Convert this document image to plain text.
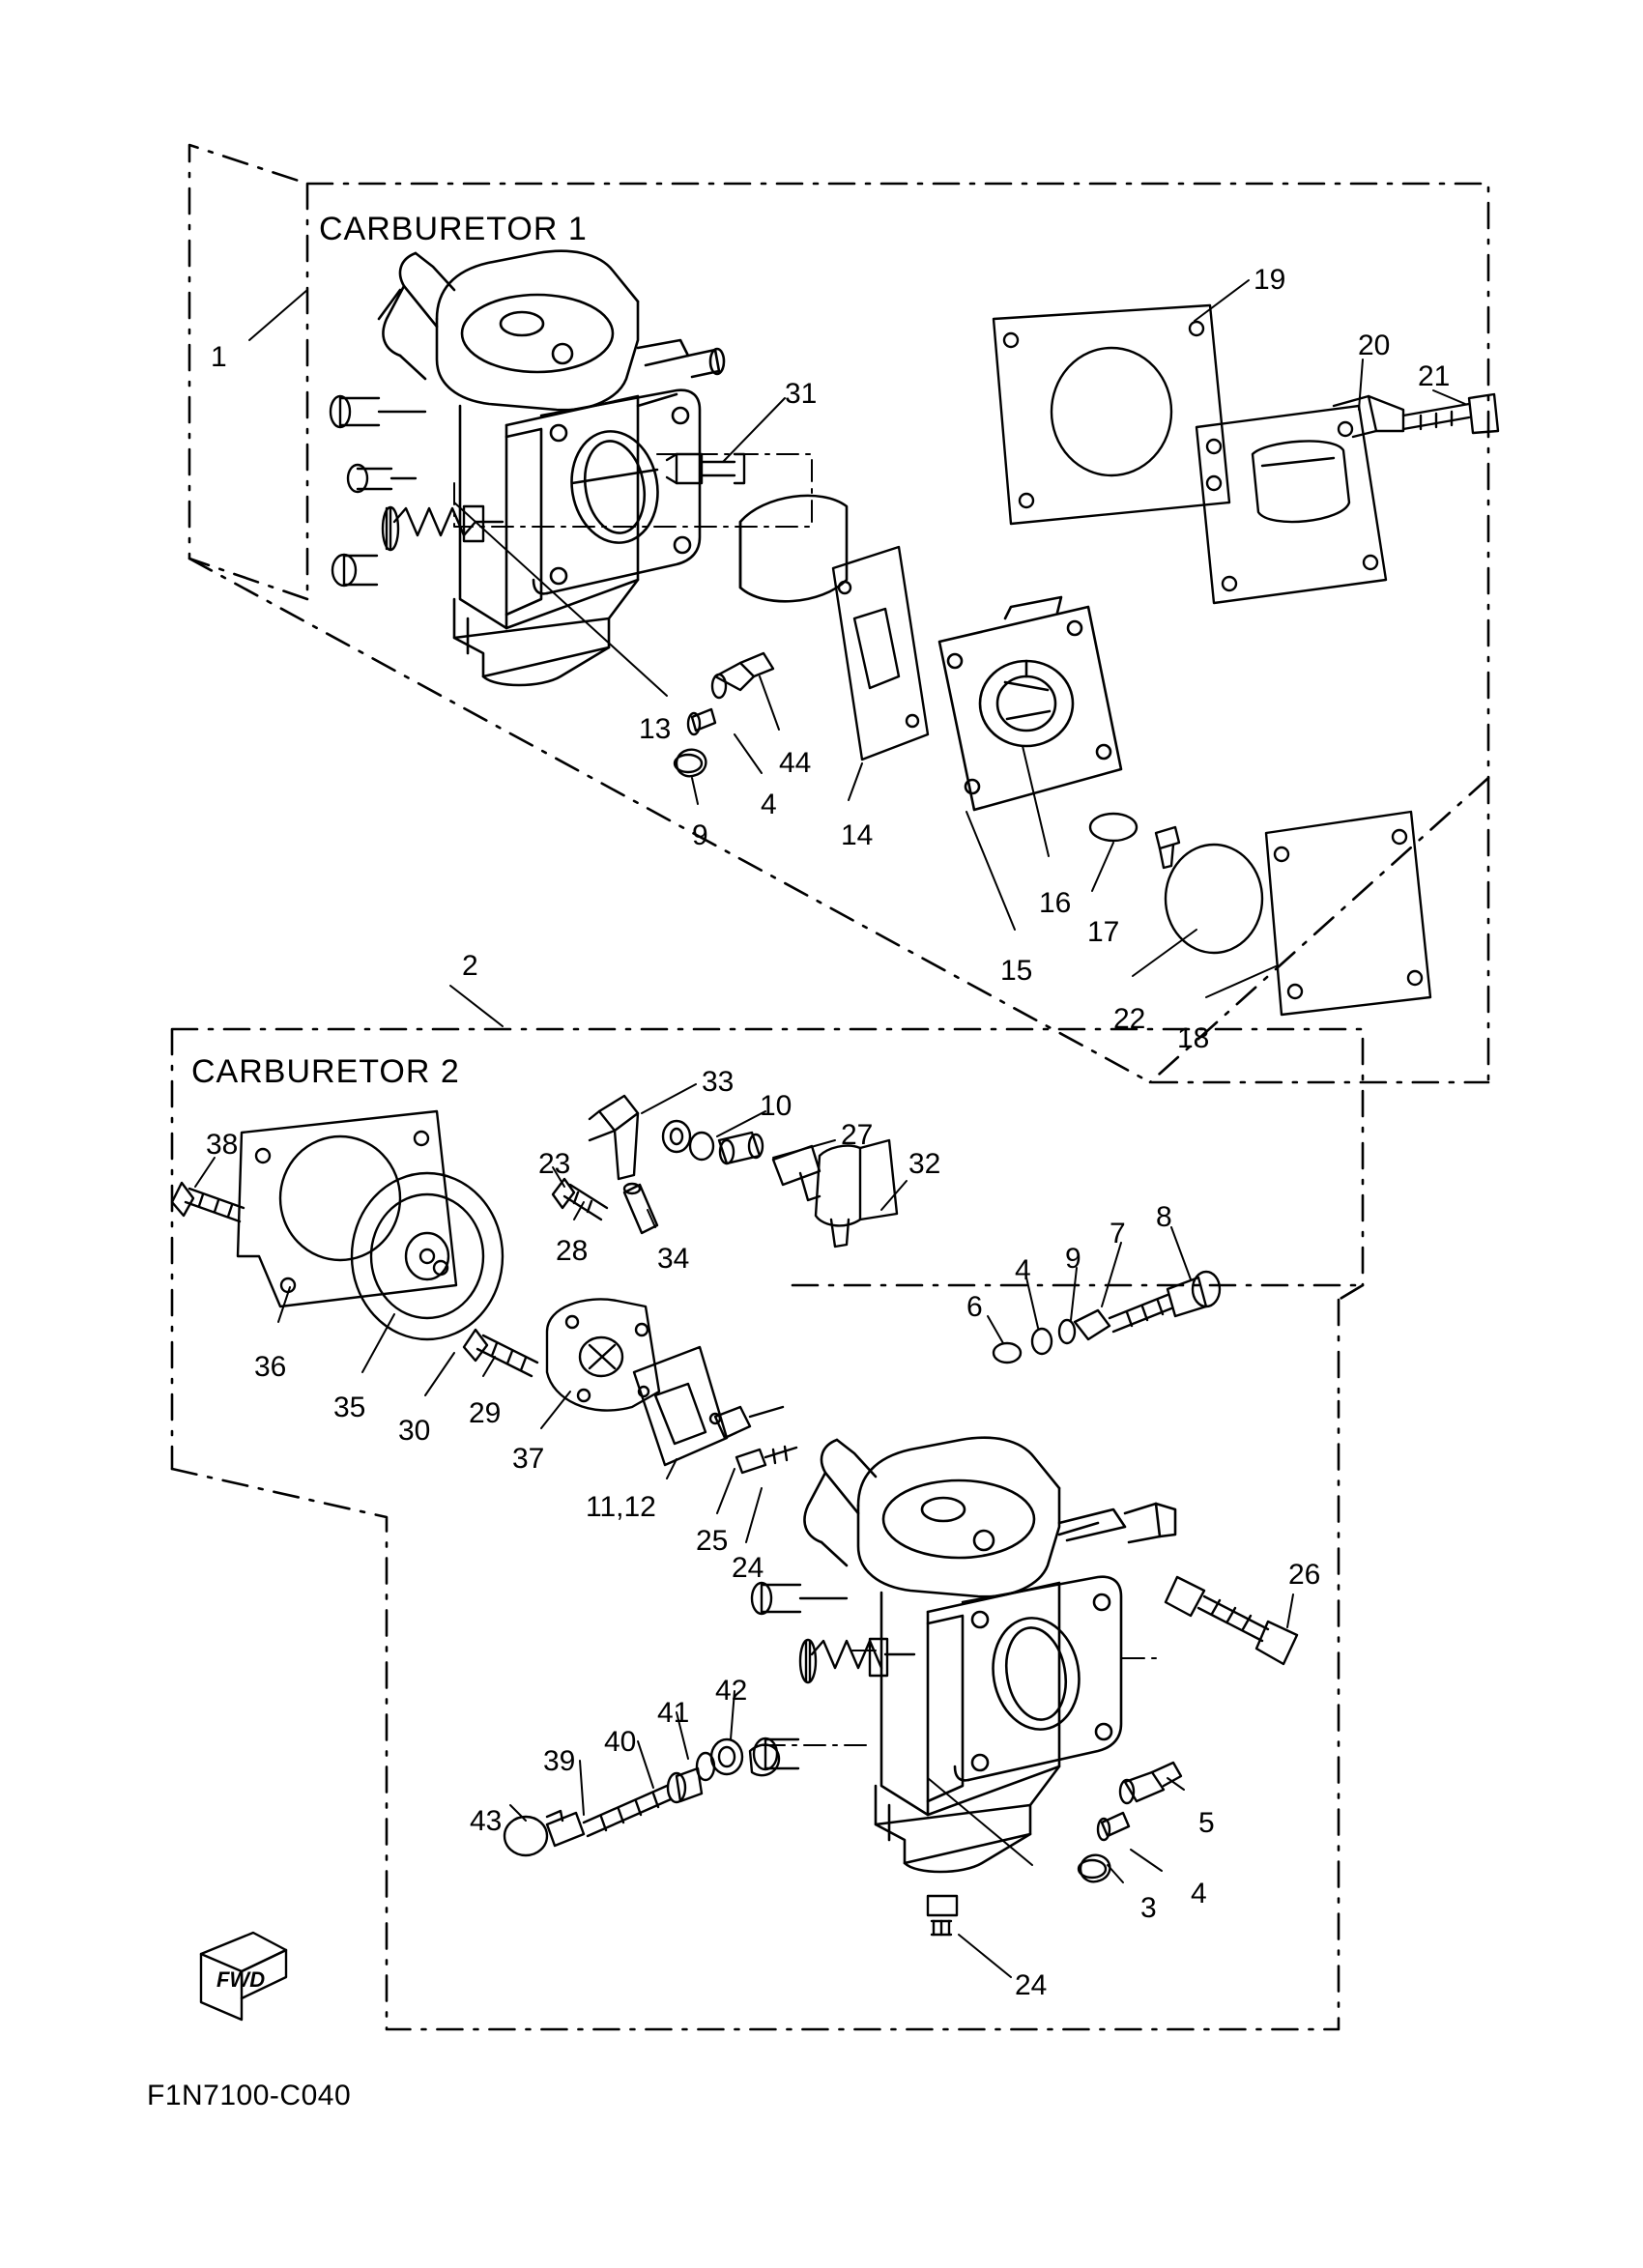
CARBURETOR 1
CARBURETOR 2
1
19
20
21
31
13
44
4
9	14
16
17
15
22
18
2
33
10
23
27
32
38
28 34
36
35
30
29
37
6
4 9
7
8
11,12
25
24	26
42
41
40
39
43	5
3 4
24
FWD
F1N7100-C040
